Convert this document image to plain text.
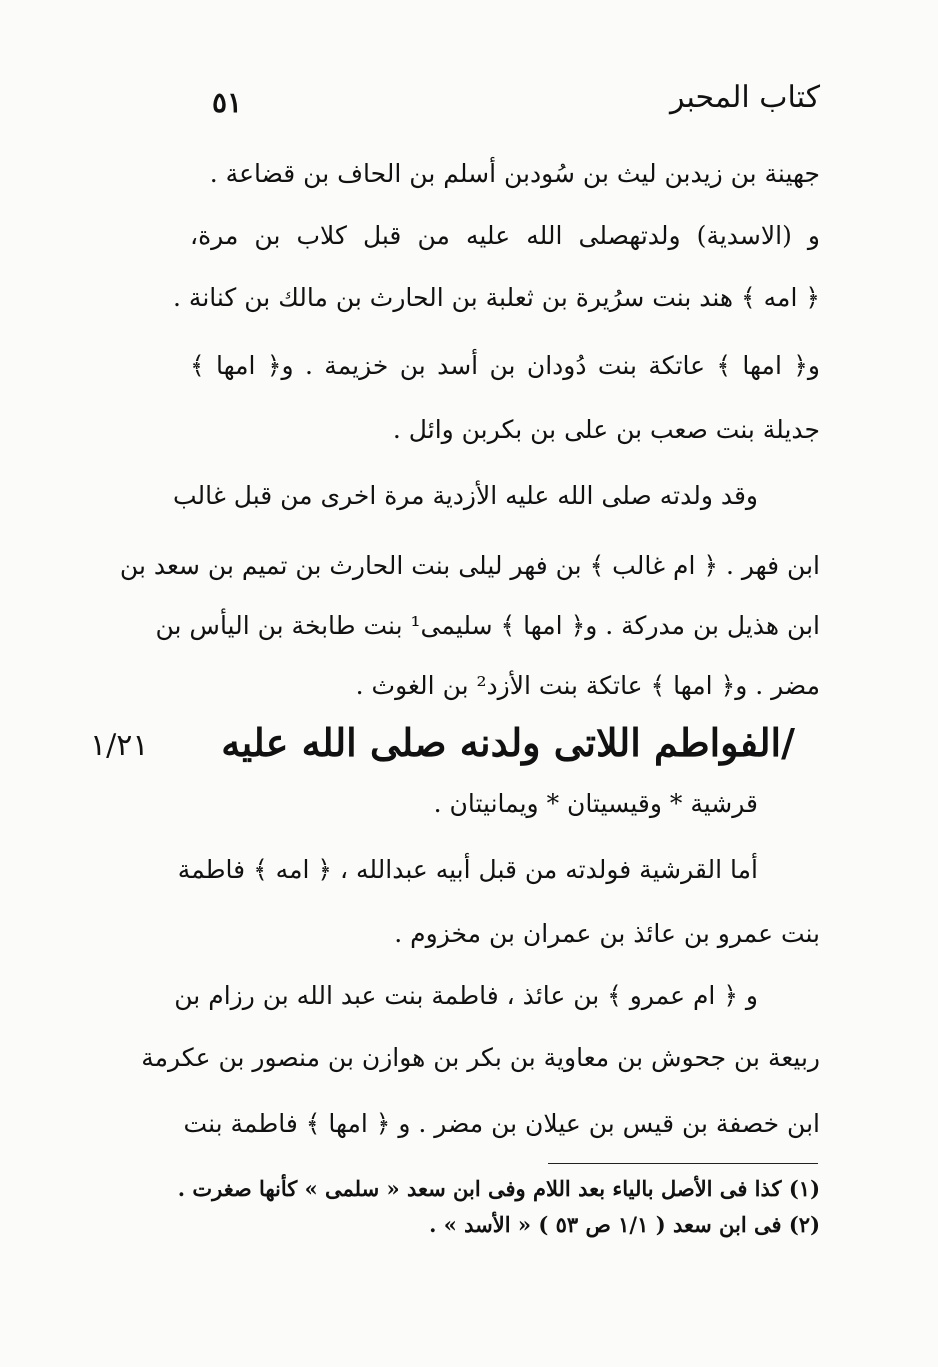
كتاب المحبر
٥١
جهينة بن زيدبن ليث بن سُودبن أسلم بن الحاف بن قضاعة .
و (الاسدية) ولدتهصلى الله عليه من قبل كلاب بن مرة،
﴿ امه ﴾ هند بنت سرُيرة بن ثعلبة بن الحارث بن مالك بن كنانة .
و﴿ امها ﴾ عاتكة بنت دُودان بن أسد بن خزيمة . و﴿ امها ﴾
جديلة بنت صعب بن على بن بكربن وائل .
وقد ولدته صلى الله عليه الأزدية مرة اخرى من قبل غالب
ابن فهر . ﴿ ام غالب ﴾ بن فهر ليلى بنت الحارث بن تميم بن سعد بن
ابن هذيل بن مدركة . و﴿ امها ﴾ سليمى¹ بنت طابخة بن اليأس بن
مضر . و﴿ امها ﴾ عاتكة بنت الأزد² بن الغوث .
/الفواطم اللاتى ولدنه صلى الله عليه
١/٢١
قرشية * وقيسيتان * ويمانيتان .
أما القرشية فولدته من قبل أبيه عبدالله ، ﴿ امه ﴾ فاطمة
بنت عمرو بن عائذ بن عمران بن مخزوم .
و ﴿ ام عمرو ﴾ بن عائذ ، فاطمة بنت عبد الله بن رزام بن
ربيعة بن جحوش بن معاوية بن بكر بن هوازن بن منصور بن عكرمة
ابن خصفة بن قيس بن عيلان بن مضر . و ﴿ امها ﴾ فاطمة بنت
(١) كذا فى الأصل بالياء بعد اللام وفى ابن سعد « سلمى » كأنها صغرت .
(٢) فى ابن سعد ( ١/١ ص ٥٣ ) « الأسد » .
